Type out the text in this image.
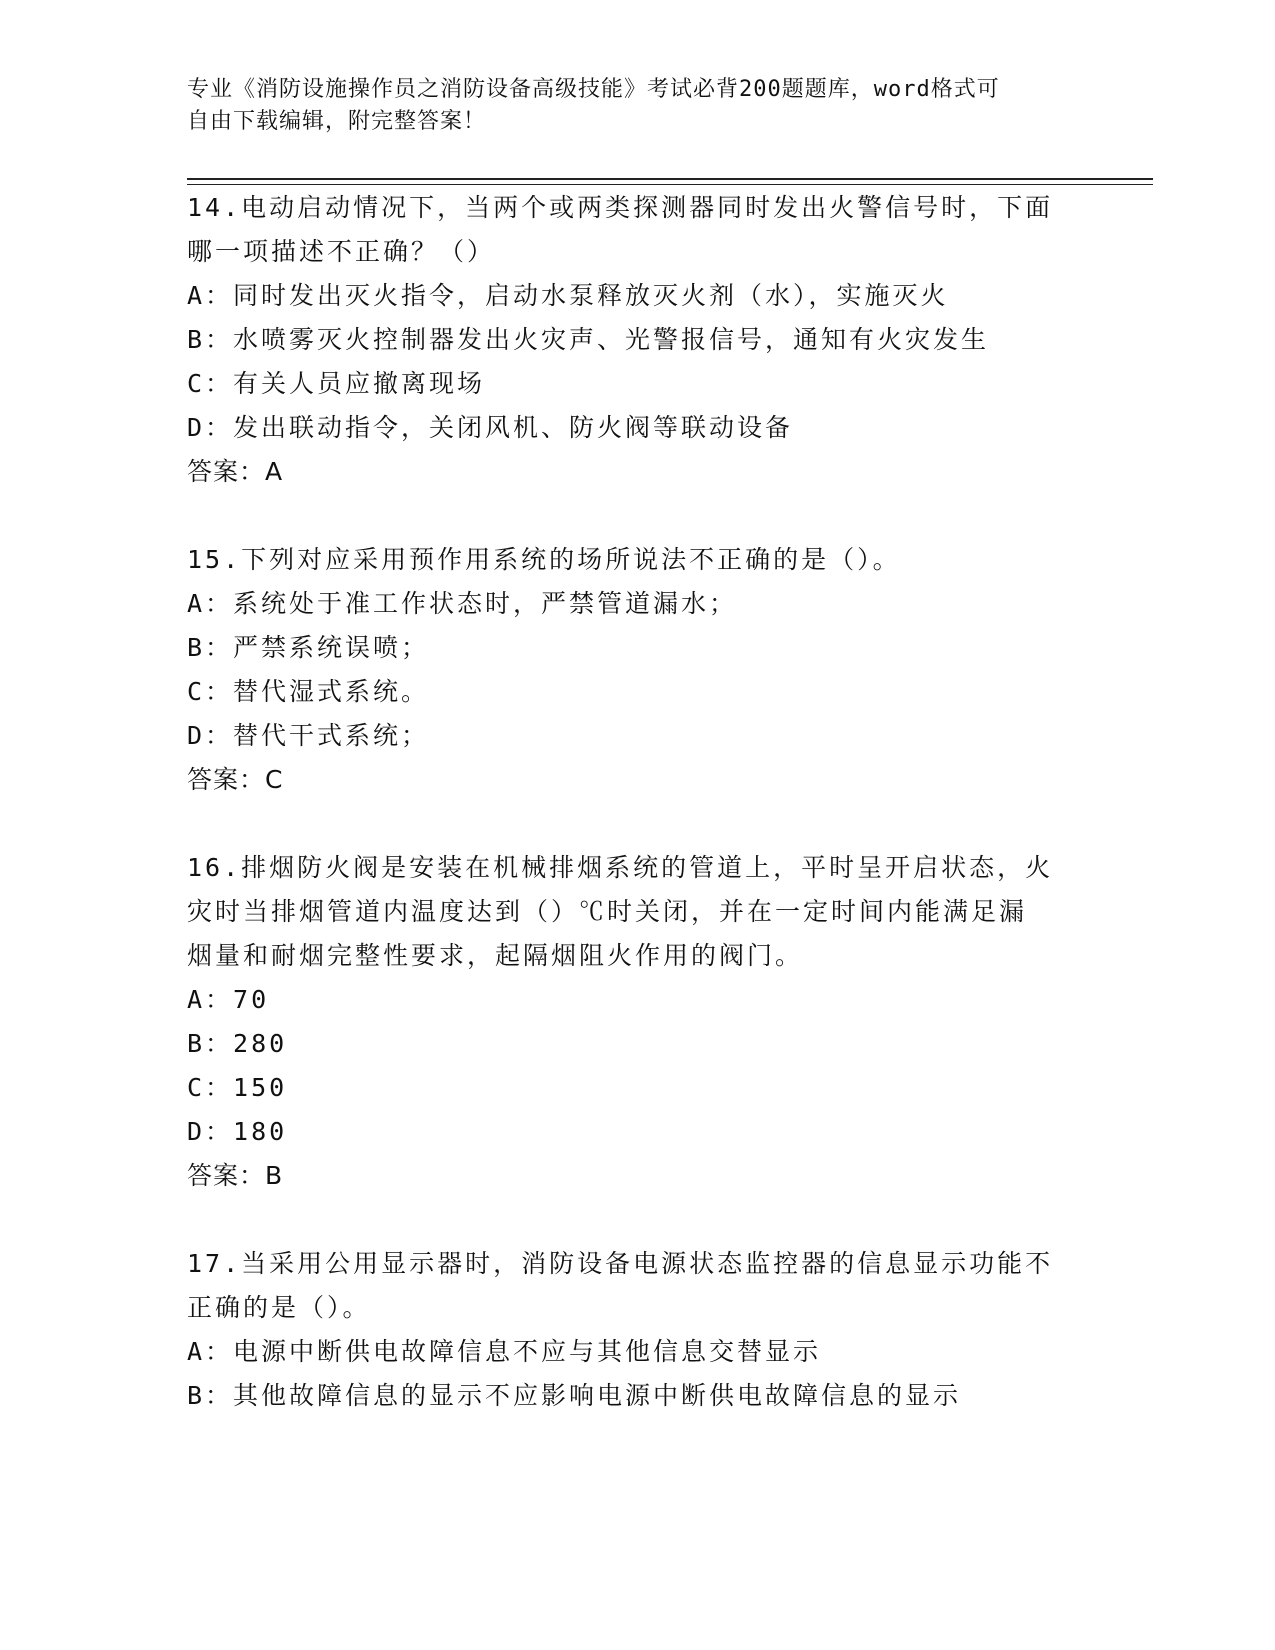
专业《消防设施操作员之消防设备高级技能》考试必背200题题库，word格式可
自由下载编辑，附完整答案！
14.电动启动情况下，当两个或两类探测器同时发出火警信号时，下面
哪一项描述不正确？（）
A：同时发出灭火指令，启动水泵释放灭火剂（水），实施灭火
B：水喷雾灭火控制器发出火灾声、光警报信号，通知有火灾发生
C：有关人员应撤离现场
D：发出联动指令，关闭风机、防火阀等联动设备
答案：A
15.下列对应采用预作用系统的场所说法不正确的是（）。
A：系统处于准工作状态时，严禁管道漏水；
B：严禁系统误喷；
C：替代湿式系统。
D：替代干式系统；
答案：C
16.排烟防火阀是安装在机械排烟系统的管道上，平时呈开启状态，火
灾时当排烟管道内温度达到（）℃时关闭，并在一定时间内能满足漏
烟量和耐烟完整性要求，起隔烟阻火作用的阀门。
A：70
B：280
C：150
D：180
答案：B
17.当采用公用显示器时，消防设备电源状态监控器的信息显示功能不
正确的是（）。
A：电源中断供电故障信息不应与其他信息交替显示
B：其他故障信息的显示不应影响电源中断供电故障信息的显示
